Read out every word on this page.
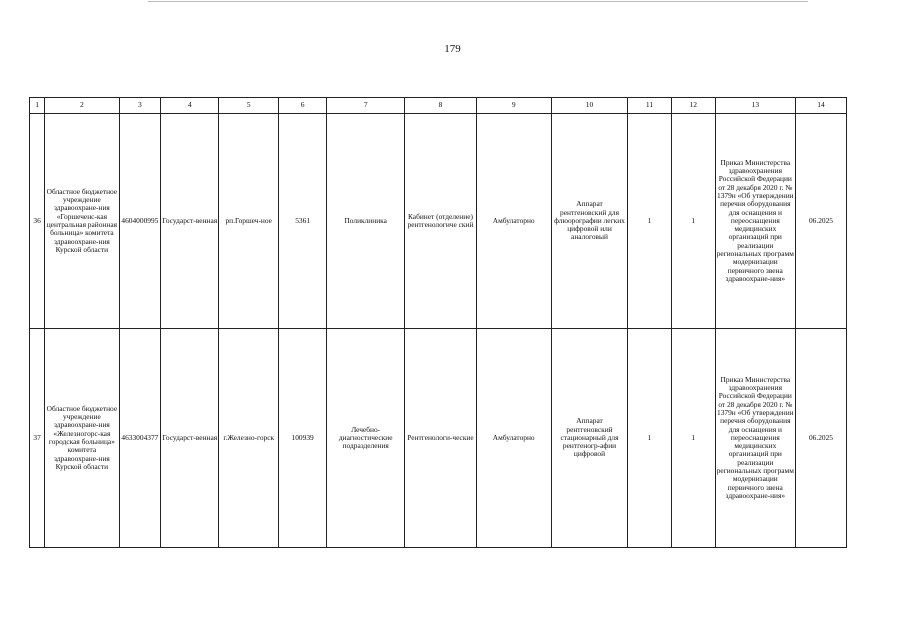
179
1	2	3	4	5	6	7	8	9	10	11	12	13	14
36	Областное бюджетное учреждение здравоохране-ния «Горшеченс-кая центральная районная больница» комитета здравоохране-ния Курской области	4604000995	Государст-венная	рп.Горшеч-ное	5361	Поликлиника	Кабинет (отделение) рентгенологиче ский	Амбулаторно	Аппарат рентгеновский для флюорографии легких цифровой или аналоговый	1	1	Приказ Министерства здравоохранения Российской Федерации от 28 декабря 2020 г. № 1379н «Об утверждении перечня оборудования для оснащения и переоснащения медицинских организаций при реализации региональных программ модернизации первичного звена здравоохране-ния»	06.2025
37	Областное бюджетное учреждение здравоохране-ния «Железногорс-кая городская больница» комитета здравоохране-ния Курской области	4633004377	Государст-венная	г.Железно-горск	100939	Лечебно-диагностические подразделения	Рентгенологи-ческие	Амбулаторно	Аппарат рентгеновский стационарный для рентгеногр-афии цифровой	1	1	Приказ Министерства здравоохранения Российской Федерации от 28 декабря 2020 г. № 1379н «Об утверждении перечня оборудования для оснащения и переоснащения медицинских организаций при реализации региональных программ модернизации первичного звена здравоохране-ния»	06.2025
